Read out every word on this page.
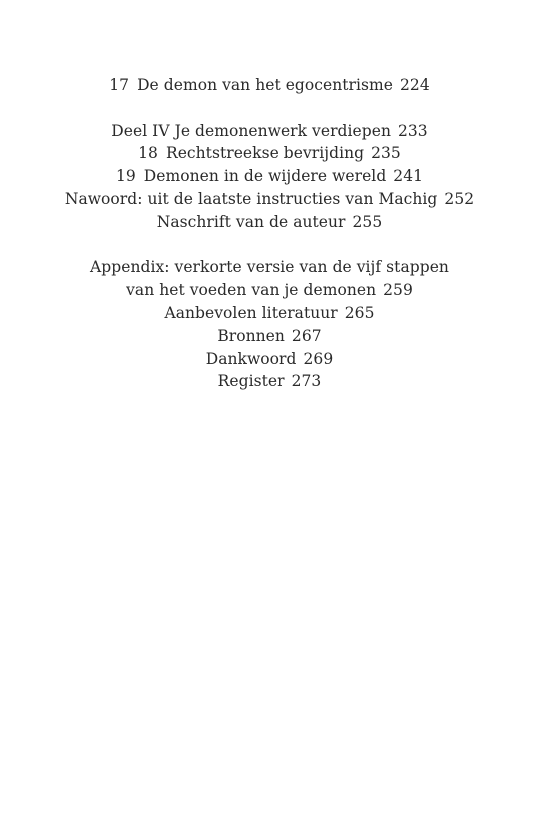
17 De demon van het egocentrisme 224
Deel IV Je demonenwerk verdiepen 233
18 Rechtstreekse bevrijding 235
19 Demonen in de wijdere wereld 241
Nawoord: uit de laatste instructies van Machig 252
Naschrift van de auteur 255
Appendix: verkorte versie van de vijf stappen
van het voeden van je demonen 259
Aanbevolen literatuur 265
Bronnen 267
Dankwoord 269
Register 273
